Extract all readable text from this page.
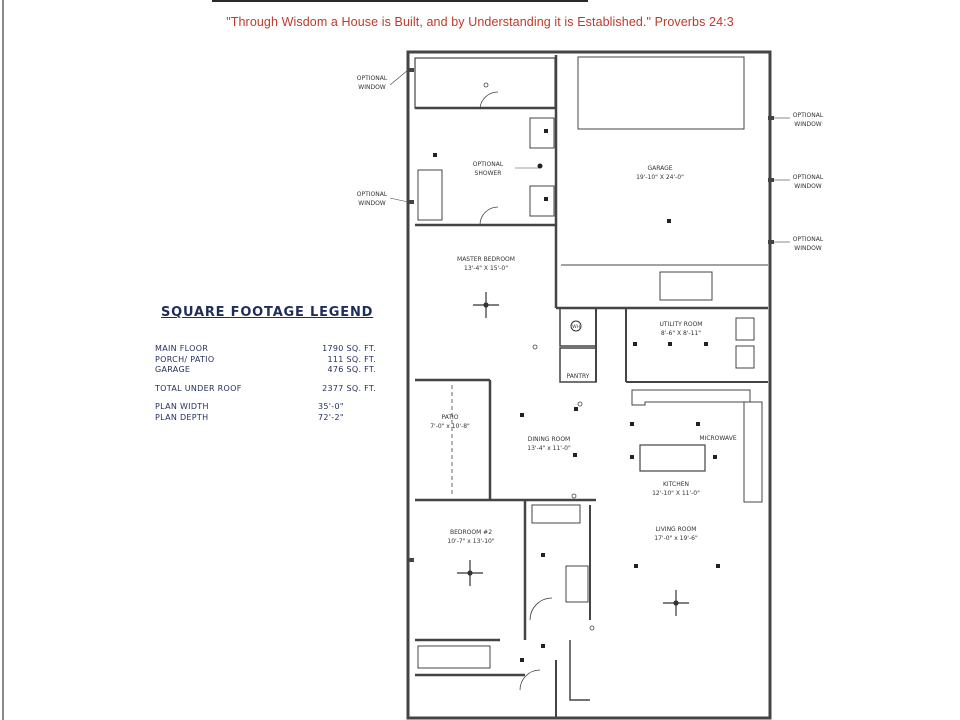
"Through Wisdom a House is Built, and by Understanding it is Established." Proverbs 24:3
OPTIONAL
WINDOW
OPTIONAL
WINDOW
OPTIONAL
WINDOW
OPTIONAL
WINDOW
OPTIONAL
WINDOW
GARAGE
19'-10" X 24'-0"
OPTIONAL
SHOWER
MASTER BEDROOM
13'-4" X 15'-0"
UTILITY ROOM
8'-6" X 8'-11"
WH
PANTRY
PATIO
7'-0" x 10'-8"
DINING ROOM
13'-4" x 11'-0"
MICROWAVE
KITCHEN
12'-10" X 11'-0"
LIVING ROOM
17'-0" x 19'-6"
BEDROOM #2
10'-7" x 13'-10"
SQUARE FOOTAGE LEGEND
MAIN FLOOR	1790 SQ. FT.
PORCH/ PATIO	111 SQ. FT.
GARAGE	476 SQ. FT.
TOTAL UNDER ROOF	2377 SQ. FT.
PLAN WIDTH	35'-0"
PLAN DEPTH	72'-2"
